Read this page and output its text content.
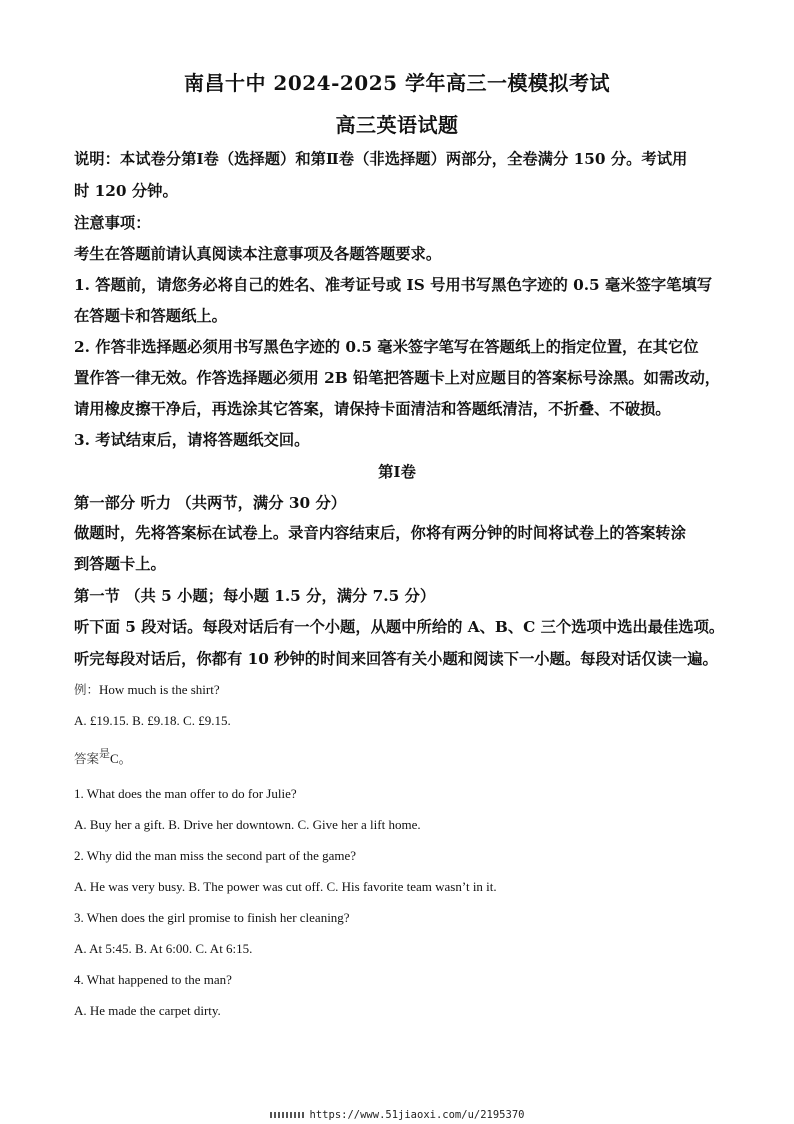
南昌十中 2024-2025 学年高三一模模拟考试
高三英语试题
说明：本试卷分第Ⅰ卷（选择题）和第Ⅱ卷（非选择题）两部分，全卷满分 150 分。考试用
时 120 分钟。
注意事项：
考生在答题前请认真阅读本注意事项及各题答题要求。
1. 答题前，请您务必将自己的姓名、准考证号或 IS 号用书写黑色字迹的 0.5 毫米签字笔填写
在答题卡和答题纸上。
2. 作答非选择题必须用书写黑色字迹的 0.5 毫米签字笔写在答题纸上的指定位置，在其它位
置作答一律无效。作答选择题必须用 2B 铅笔把答题卡上对应题目的答案标号涂黑。如需改动，
请用橡皮擦干净后，再选涂其它答案，请保持卡面清洁和答题纸清洁，不折叠、不破损。
3. 考试结束后，请将答题纸交回。
第Ⅰ卷
第一部分 听力 （共两节，满分 30 分）
做题时，先将答案标在试卷上。录音内容结束后，你将有两分钟的时间将试卷上的答案转涂
到答题卡上。
第一节 （共 5 小题；每小题 1.5 分，满分 7.5 分）
听下面 5 段对话。每段对话后有一个小题，从题中所给的 A、B、C 三个选项中选出最佳选项。
听完每段对话后，你都有 10 秒钟的时间来回答有关小题和阅读下一小题。每段对话仅读一遍。
例：How much is the shirt?
A. £19.15. B. £9.18. C. £9.15.
答案$^是$C。
1. What does the man offer to do for Julie?
A. Buy her a gift. B. Drive her downtown. C. Give her a lift home.
2. Why did the man miss the second part of the game?
A. He was very busy. B. The power was cut off. C. His favorite team wasn’t in it.
3. When does the girl promise to finish her cleaning?
A. At 5:45. B. At 6:00. C. At 6:15.
4. What happened to the man?
A. He made the carpet dirty.
https://www.51jiaoxi.com/u/2195370
